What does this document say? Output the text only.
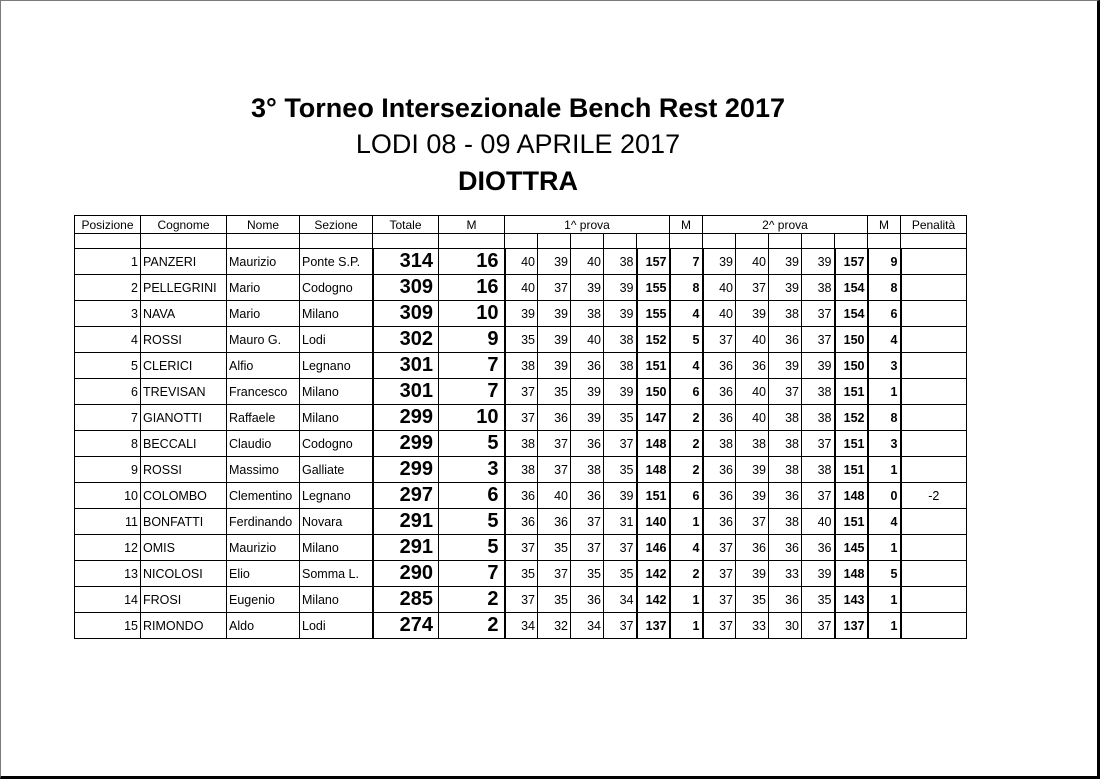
3° Torneo Intersezionale Bench Rest 2017
LODI 08 - 09 APRILE 2017
DIOTTRA
Posizione	Cognome	Nome	Sezione	Totale	M	1^ prova					M	2^ prova					M	Penalità

1	PANZERI	Maurizio	Ponte S.P.	314	16	40	39	40	38	157	7	39	40	39	39	157	9	
2	PELLEGRINI	Mario	Codogno	309	16	40	37	39	39	155	8	40	37	39	38	154	8	
3	NAVA	Mario	Milano	309	10	39	39	38	39	155	4	40	39	38	37	154	6	
4	ROSSI	Mauro G.	Lodi	302	9	35	39	40	38	152	5	37	40	36	37	150	4	
5	CLERICI	Alfio	Legnano	301	7	38	39	36	38	151	4	36	36	39	39	150	3	
6	TREVISAN	Francesco	Milano	301	7	37	35	39	39	150	6	36	40	37	38	151	1	
7	GIANOTTI	Raffaele	Milano	299	10	37	36	39	35	147	2	36	40	38	38	152	8	
8	BECCALI	Claudio	Codogno	299	5	38	37	36	37	148	2	38	38	38	37	151	3	
9	ROSSI	Massimo	Galliate	299	3	38	37	38	35	148	2	36	39	38	38	151	1	
10	COLOMBO	Clementino	Legnano	297	6	36	40	36	39	151	6	36	39	36	37	148	0	-2
11	BONFATTI	Ferdinando	Novara	291	5	36	36	37	31	140	1	36	37	38	40	151	4	
12	OMIS	Maurizio	Milano	291	5	37	35	37	37	146	4	37	36	36	36	145	1	
13	NICOLOSI	Elio	Somma L.	290	7	35	37	35	35	142	2	37	39	33	39	148	5	
14	FROSI	Eugenio	Milano	285	2	37	35	36	34	142	1	37	35	36	35	143	1	
15	RIMONDO	Aldo	Lodi	274	2	34	32	34	37	137	1	37	33	30	37	137	1	
